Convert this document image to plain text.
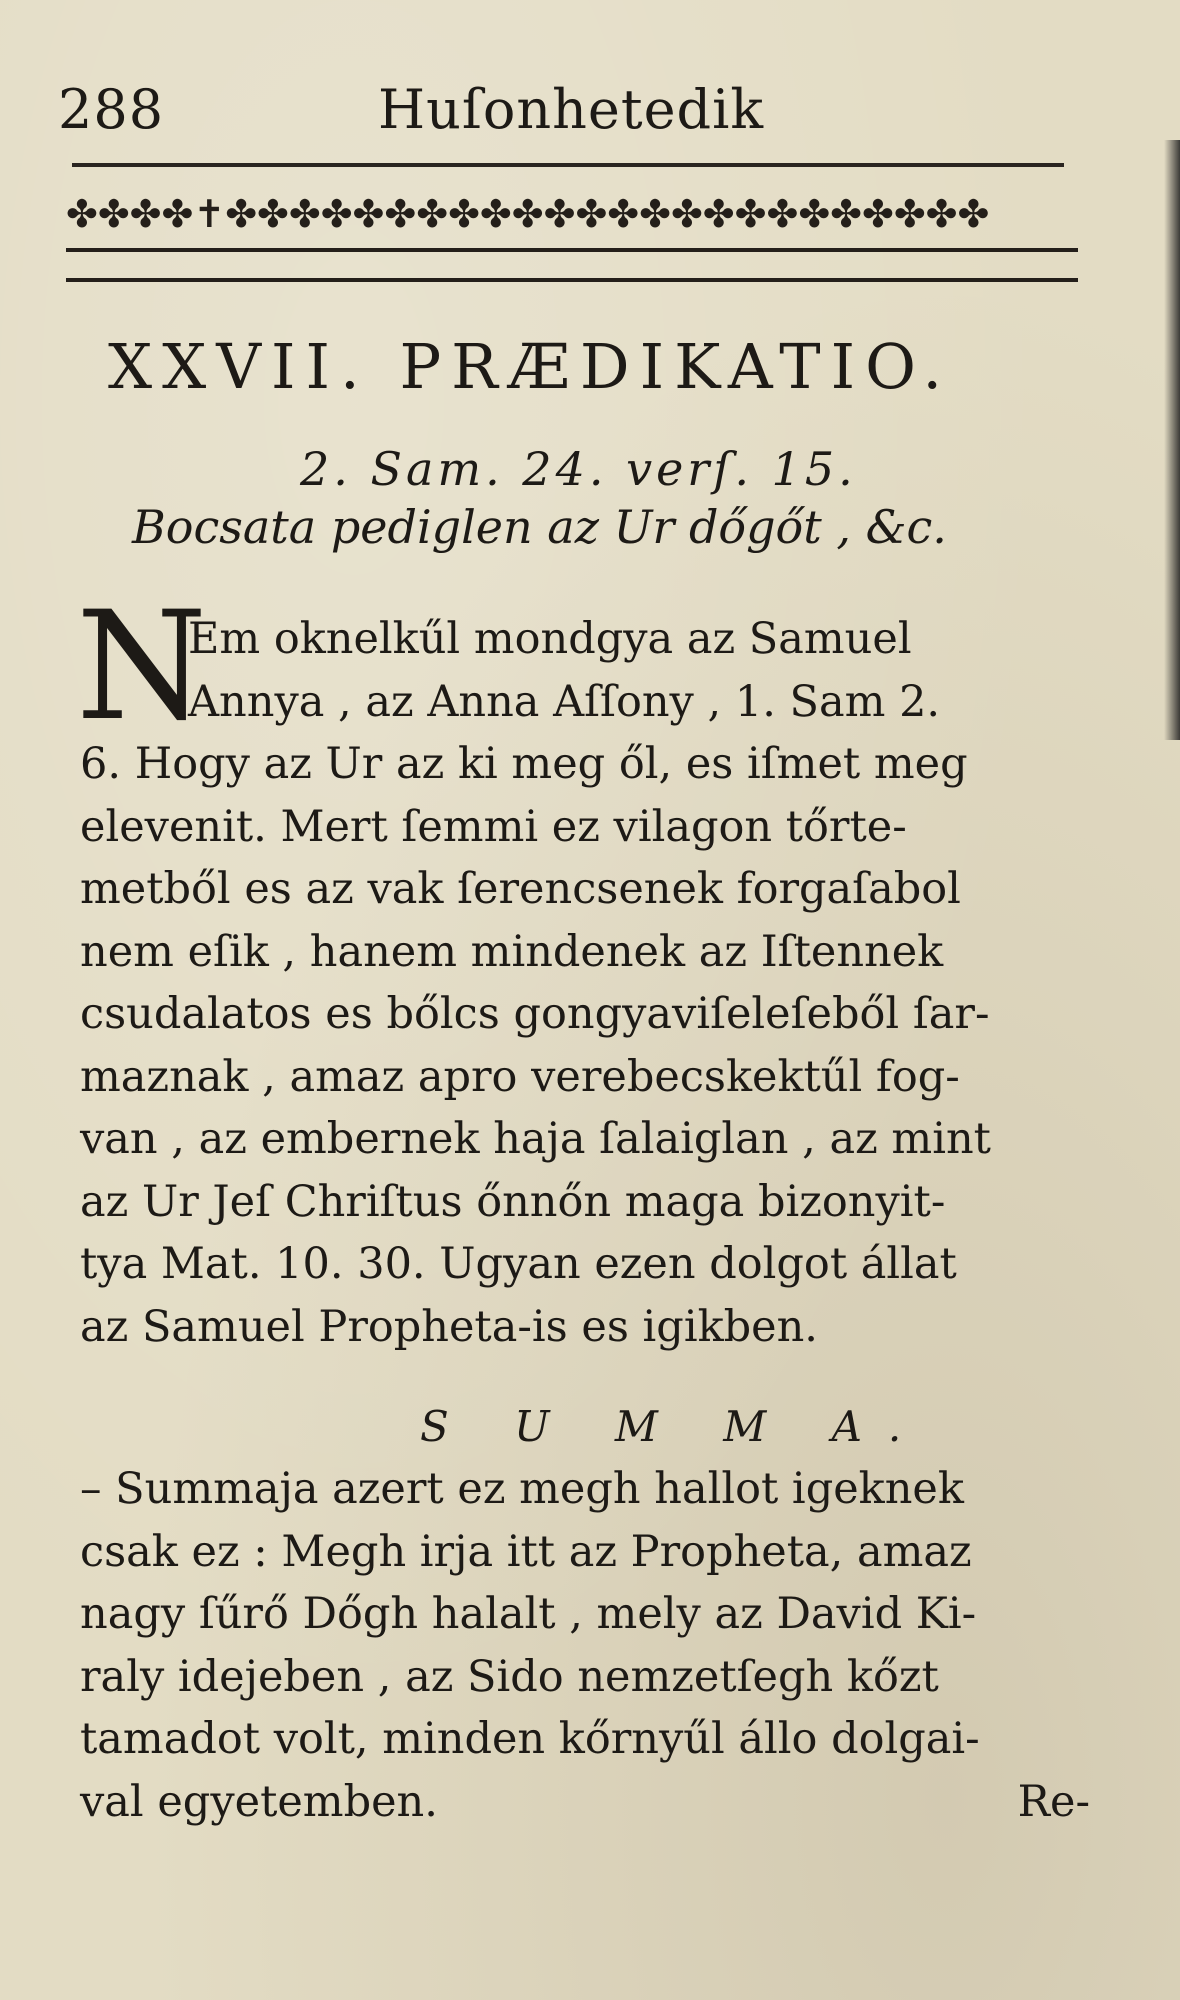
288	Huſonhetedik
✤✤✤✤✝✤✤✤✤✤✤✤✤✤✤✤✤✤✤✤✤✤✤✤✤✤✤✤✤
XXVII. PRÆDIKATIO.
2. Sam. 24. verſ. 15.
Bocsata pediglen az Ur dőgőt , &c.
N
Em oknelkűl mondgya az Samuel
Annya , az Anna Aſſony , 1. Sam 2.
6. Hogy az Ur az ki meg ől, es iſmet meg
elevenit. Mert ſemmi ez vilagon tőrte-
metből es az vak ſerencsenek forgaſabol
nem eſik , hanem mindenek az Iſtennek
csudalatos es bőlcs gongyaviſeleſeből ſar-
maznak , amaz apro verebecskektűl fog-
van , az embernek haja ſalaiglan , az mint
az Ur Jeſ Chriſtus őnnőn maga bizonyit-
tya Mat. 10. 30. Ugyan ezen dolgot állat
az Samuel Propheta-is es igikben.
S U M M A.
– Summaja azert ez megh hallot igeknek
csak ez : Megh irja itt az Propheta, amaz
nagy ſűrő Dőgh halalt , mely az David Ki-
raly idejeben , az Sido nemzetſegh kőzt
tamadot volt, minden kőrnyűl állo dolgai-
val egyetemben.	Re-
